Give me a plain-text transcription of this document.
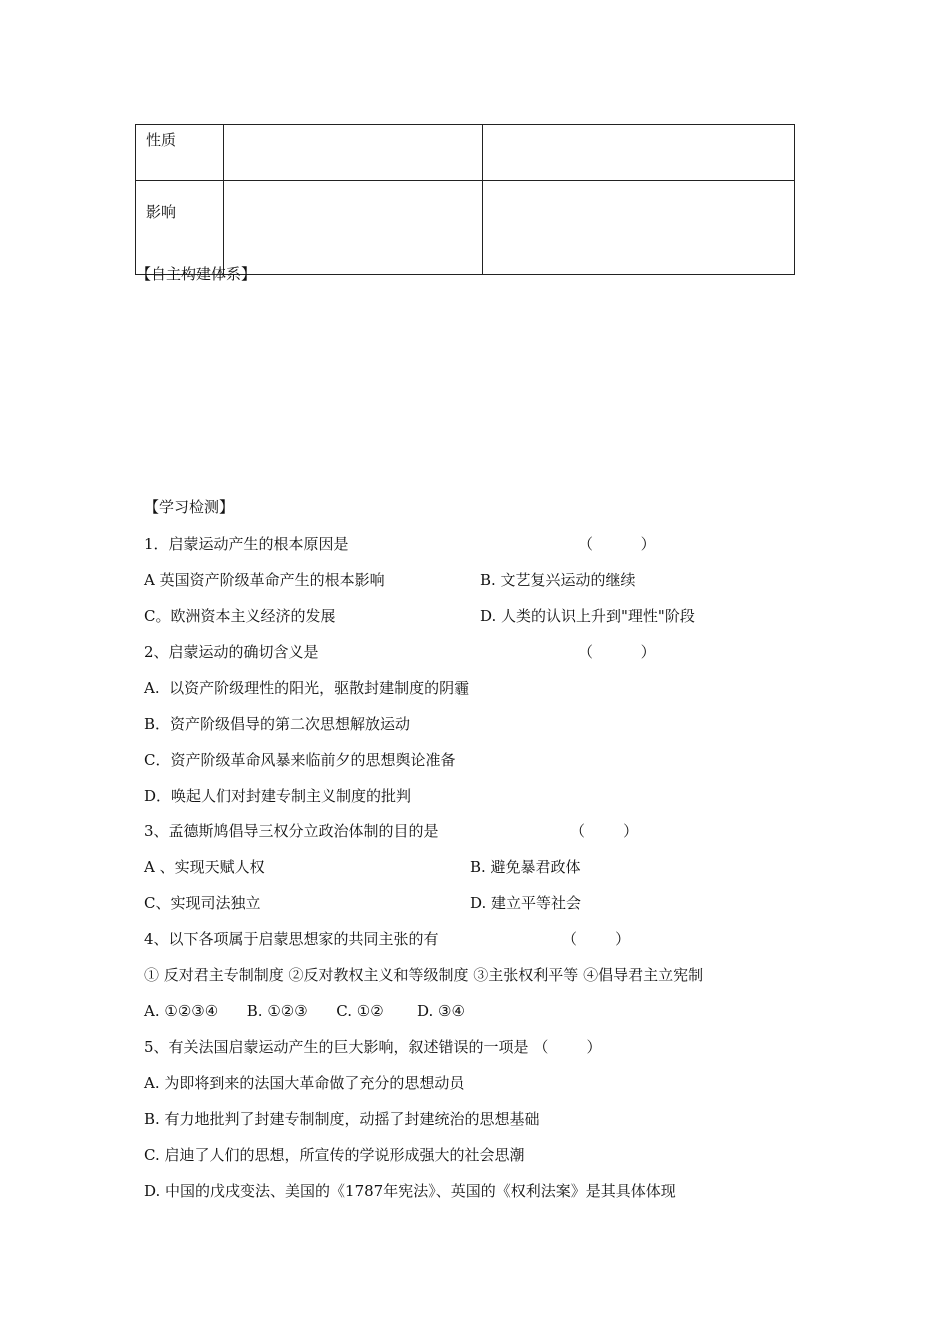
性质		
影响		
【自主构建体系】
【学习检测】
1．启蒙运动产生的根本原因是	（          ）
A 英国资产阶级革命产生的根本影响	B. 文艺复兴运动的继续
C。欧洲资本主义经济的发展	D. 人类的认识上升到"理性"阶段
2、启蒙运动的确切含义是	（          ）
A.  以资产阶级理性的阳光，驱散封建制度的阴霾
B．资产阶级倡导的第二次思想解放运动
C．资产阶级革命风暴来临前夕的思想舆论准备
D．唤起人们对封建专制主义制度的批判
3、孟德斯鸠倡导三权分立政治体制的目的是	（        ）
A 、实现天赋人权	B. 避免暴君政体
C、实现司法独立	D. 建立平等社会
4、以下各项属于启蒙思想家的共同主张的有	（        ）
① 反对君主专制制度 ②反对教权主义和等级制度 ③主张权利平等 ④倡导君主立宪制
A. ①②③④      B. ①②③      C. ①②       D. ③④
5、有关法国启蒙运动产生的巨大影响，叙述错误的一项是 （        ）
A. 为即将到来的法国大革命做了充分的思想动员
B. 有力地批判了封建专制制度，动摇了封建统治的思想基础
C. 启迪了人们的思想，所宣传的学说形成强大的社会思潮
D. 中国的戊戌变法、美国的《1787年宪法》、英国的《权利法案》是其具体体现
